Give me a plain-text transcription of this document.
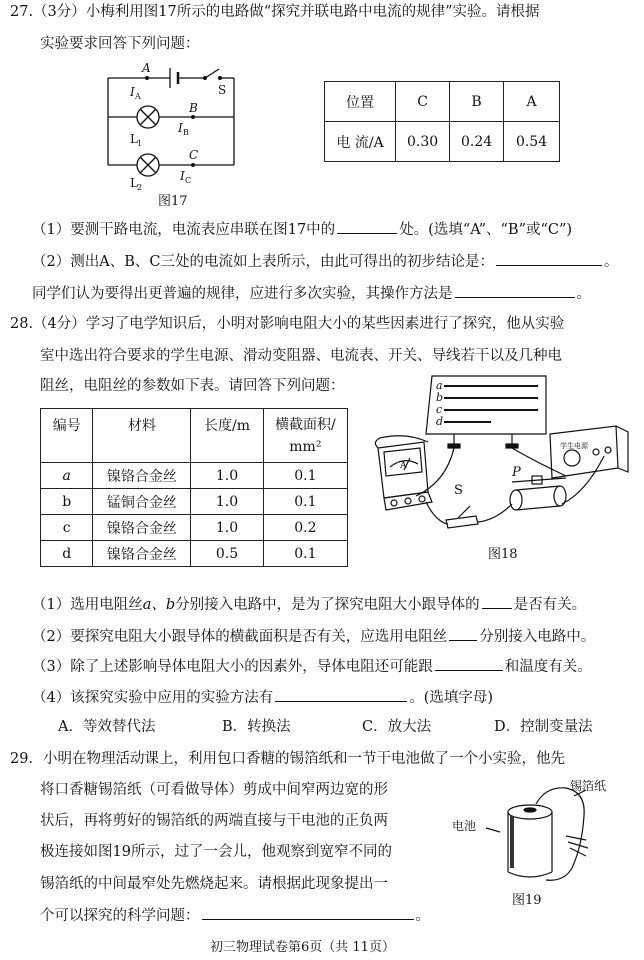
27.（3分）小梅利用图17所示的电路做“探究并联电路中电流的规律”实验。请根据
实验要求回答下列问题：
A
I A	S
B
I B
L 1
C
I C
L 2
图17
位置	C	B	A
电 流/A	0.30	0.24	0.54
（1）要测干路电流，电流表应串联在图17中的	处。(选填“A”、“B”或“C”)
（2）测出A、B、C三处的电流如上表所示，由此可得出的初步结论是：	。
同学们认为要得出更普遍的规律，应进行多次实验，其操作方法是	。
28.（4分）学习了电学知识后，小明对影响电阻大小的某些因素进行了探究，他从实验
室中选出符合要求的学生电源、滑动变阻器、电流表、开关、导线若干以及几种电
阻丝，电阻丝的参数如下表。请回答下列问题：
编号	材料	长度/m	横截面积/
mm²

a	镍铬合金丝	1.0	0.1
b	锰铜合金丝	1.0	0.1
c	镍铬合金丝	1.0	0.2
d	镍铬合金丝	0.5	0.1
a
b
c
d
学生电源
A
S
P
图18
（1）选用电阻丝a、b分别接入电路中，是为了探究电阻大小跟导体的 是否有关。
（2）要探究电阻大小跟导体的横截面积是否有关，应选用电阻丝 分别接入电路中。
（3）除了上述影响导体电阻大小的因素外，导体电阻还可能跟	和温度有关。
（4）该探究实验中应用的实验方法有	。(选填字母)
A．等效替代法	B．转换法	C．放大法	D．控制变量法
29．小明在物理活动课上，利用包口香糖的锡箔纸和一节干电池做了一个小实验，他先
将口香糖锡箔纸（可看做导体）剪成中间窄两边宽的形
状后，再将剪好的锡箔纸的两端直接与干电池的正负两
极连接如图19所示，过了一会儿，他观察到宽窄不同的
锡箔纸的中间最窄处先燃烧起来。请根据此现象提出一
个可以探究的科学问题：	。
电池
锡箔纸
图19
初三物理试卷第6页（共 11页）
